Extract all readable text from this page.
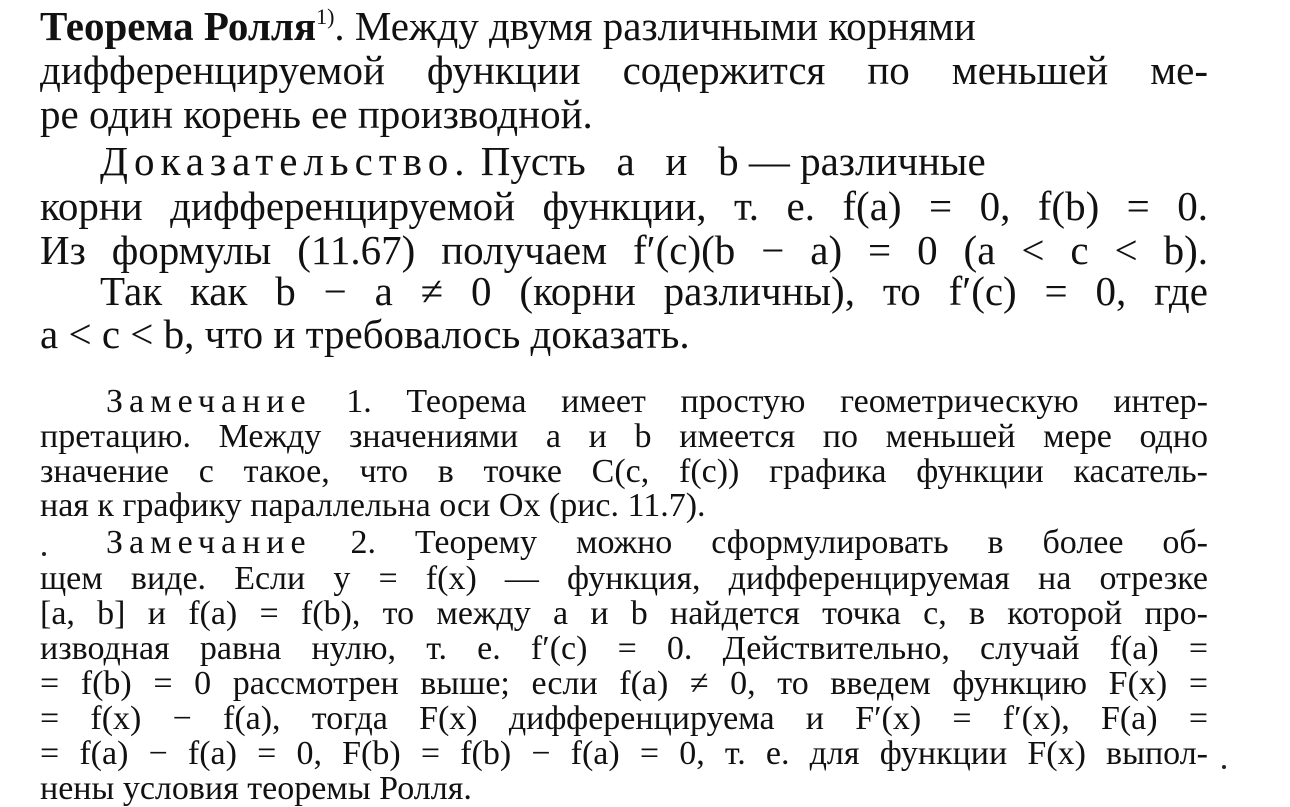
Теорема Ролля$^{1)}$. Между двумя различными корнями
дифференцируемой функции содержится по меньшей ме-
ре один корень ее производной.
Доказательство. Пусть   a   и   b — различные
корни дифференцируемой функции, т. е. f(a) = 0, f(b) = 0.
Из формулы (11.67) получаем f′(c)(b − a) = 0 (a < c < b).
Так как b − a ≠ 0 (корни различны), то f′(c) = 0, где
a < c < b, что и требовалось доказать.
Замечание 1. Теорема имеет простую геометрическую интер-
претацию. Между значениями a и b имеется по меньшей мере одно
значение c такое, что в точке C(c, f(c)) графика функции касатель-
ная к графику параллельна оси Ox (рис. 11.7).
Замечание 2. Теорему можно сформулировать в более об-
щем виде. Если y = f(x) — функция, дифференцируемая на отрезке
[a, b] и f(a) = f(b), то между a и b найдется точка c, в которой про-
изводная равна нулю, т. е. f′(c) = 0. Действительно, случай f(a) =
= f(b) = 0 рассмотрен выше; если f(a) ≠ 0, то введем функцию F(x) =
= f(x) − f(a), тогда F(x) дифференцируема и F′(x) = f′(x), F(a) =
= f(a) − f(a) = 0, F(b) = f(b) − f(a) = 0, т. е. для функции F(x) выпол-
нены условия теоремы Ролля.
